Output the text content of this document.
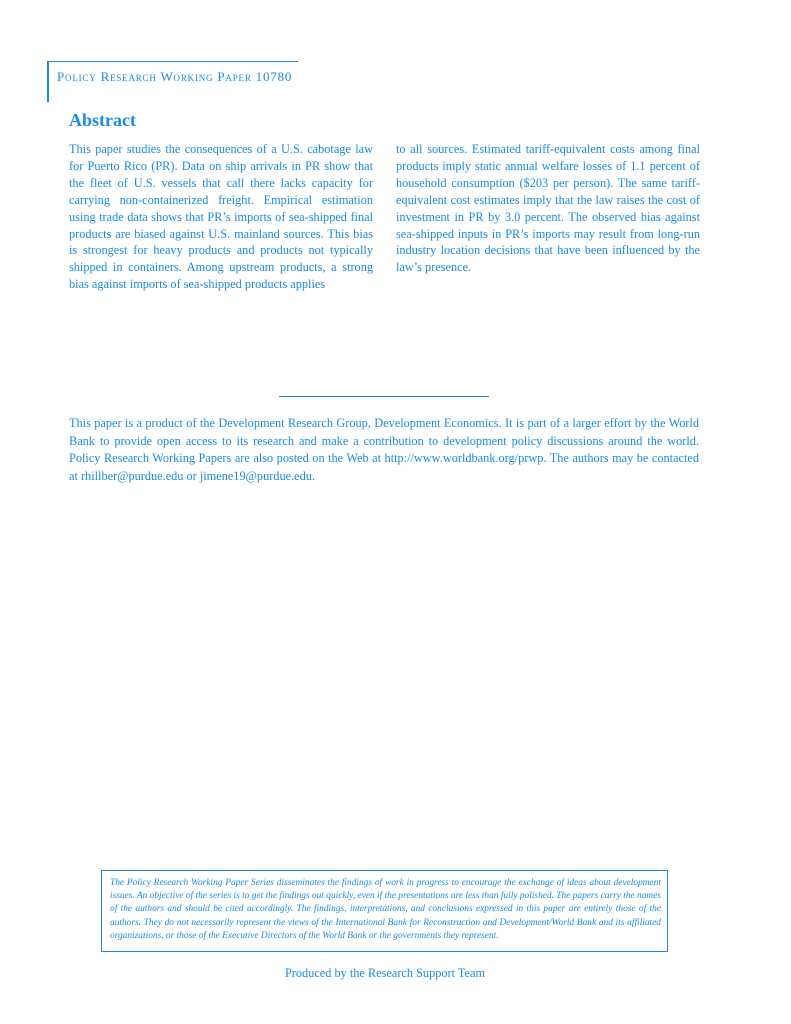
Policy Research Working Paper 10780
Abstract

This paper studies the consequences of a U.S. cabotage law for Puerto Rico (PR). Data on ship arrivals in PR show that the fleet of U.S. vessels that call there lacks capacity for carrying non-containerized freight. Empirical estimation using trade data shows that PR’s imports of sea-shipped final products are biased against U.S. mainland sources. This bias is strongest for heavy products and products not typically shipped in containers. Among upstream products, a strong bias against imports of sea-shipped products applies

to all sources. Estimated tariff-equivalent costs among final products imply static annual welfare losses of 1.1 percent of household consumption ($203 per person). The same tariff-equivalent cost estimates imply that the law raises the cost of investment in PR by 3.0 percent. The observed bias against sea-shipped inputs in PR’s imports may result from long-run industry location decisions that have been influenced by the law’s presence.

This paper is a product of the Development Research Group, Development Economics. It is part of a larger effort by the World Bank to provide open access to its research and make a contribution to development policy discussions around the world. Policy Research Working Papers are also posted on the Web at http://www.worldbank.org/prwp. The authors may be contacted at rhillber@purdue.edu or jimene19@purdue.edu.

The Policy Research Working Paper Series disseminates the findings of work in progress to encourage the exchange of ideas about development issues. An objective of the series is to get the findings out quickly, even if the presentations are less than fully polished. The papers carry the names of the authors and should be cited accordingly. The findings, interpretations, and conclusions expressed in this paper are entirely those of the authors. They do not necessarily represent the views of the International Bank for Reconstruction and Development/World Bank and its affiliated organizations, or those of the Executive Directors of the World Bank or the governments they represent.

Produced by the Research Support Team
